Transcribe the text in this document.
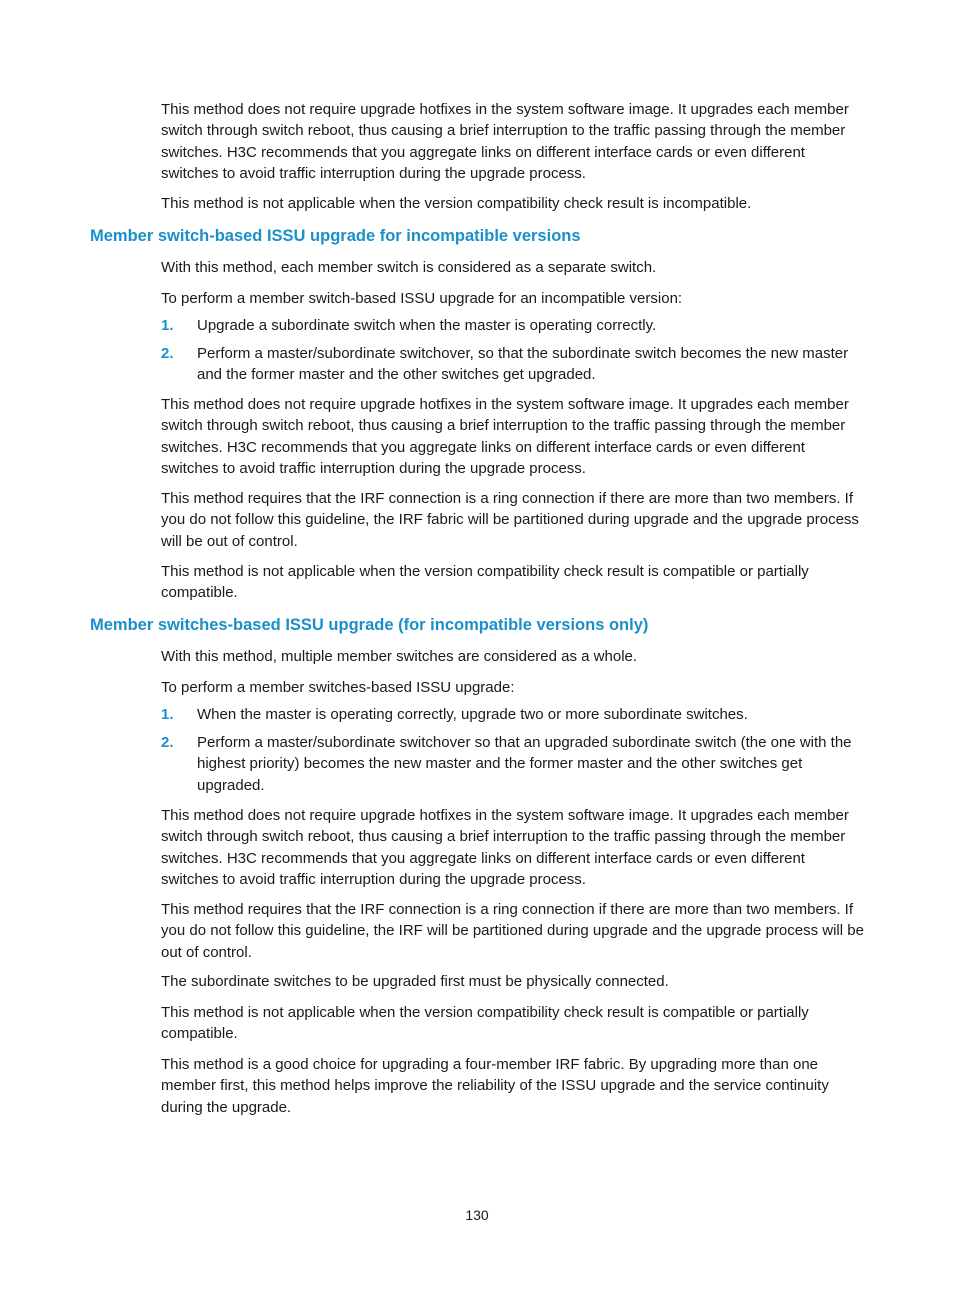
This method does not require upgrade hotfixes in the system software image. It upgrades each member switch through switch reboot, thus causing a brief interruption to the traffic passing through the member switches. H3C recommends that you aggregate links on different interface cards or even different switches to avoid traffic interruption during the upgrade process.

This method is not applicable when the version compatibility check result is incompatible.

Member switch-based ISSU upgrade for incompatible versions

With this method, each member switch is considered as a separate switch.

To perform a member switch-based ISSU upgrade for an incompatible version:

1. Upgrade a subordinate switch when the master is operating correctly.
2. Perform a master/subordinate switchover, so that the subordinate switch becomes the new master and the former master and the other switches get upgraded.

This method does not require upgrade hotfixes in the system software image. It upgrades each member switch through switch reboot, thus causing a brief interruption to the traffic passing through the member switches. H3C recommends that you aggregate links on different interface cards or even different switches to avoid traffic interruption during the upgrade process.

This method requires that the IRF connection is a ring connection if there are more than two members. If you do not follow this guideline, the IRF fabric will be partitioned during upgrade and the upgrade process will be out of control.

This method is not applicable when the version compatibility check result is compatible or partially compatible.

Member switches-based ISSU upgrade (for incompatible versions only)

With this method, multiple member switches are considered as a whole.

To perform a member switches-based ISSU upgrade:

1. When the master is operating correctly, upgrade two or more subordinate switches.
2. Perform a master/subordinate switchover so that an upgraded subordinate switch (the one with the highest priority) becomes the new master and the former master and the other switches get upgraded.

This method does not require upgrade hotfixes in the system software image. It upgrades each member switch through switch reboot, thus causing a brief interruption to the traffic passing through the member switches. H3C recommends that you aggregate links on different interface cards or even different switches to avoid traffic interruption during the upgrade process.

This method requires that the IRF connection is a ring connection if there are more than two members. If you do not follow this guideline, the IRF will be partitioned during upgrade and the upgrade process will be out of control.

The subordinate switches to be upgraded first must be physically connected.

This method is not applicable when the version compatibility check result is compatible or partially compatible.

This method is a good choice for upgrading a four-member IRF fabric. By upgrading more than one member first, this method helps improve the reliability of the ISSU upgrade and the service continuity during the upgrade.

130
